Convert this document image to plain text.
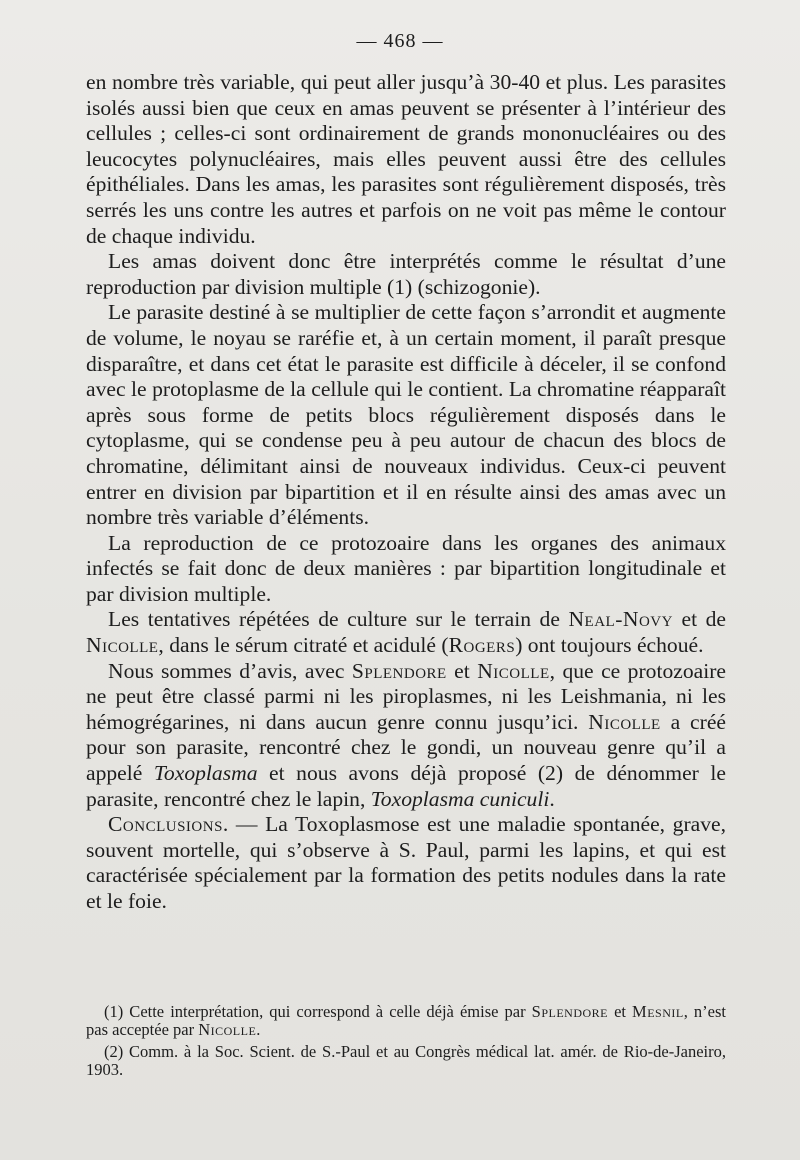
— 468 —

en nombre très variable, qui peut aller jusqu’à 30-40 et plus. Les parasites isolés aussi bien que ceux en amas peuvent se présenter à l’intérieur des cellules ; celles-ci sont ordinairement de grands mononucléaires ou des leucocytes polynucléaires, mais elles peuvent aussi être des cellules épithéliales. Dans les amas, les parasites sont régulièrement disposés, très serrés les uns contre les autres et parfois on ne voit pas même le contour de chaque individu.

Les amas doivent donc être interprétés comme le résultat d’une reproduction par division multiple (1) (schizogonie).

Le parasite destiné à se multiplier de cette façon s’arrondit et augmente de volume, le noyau se raréfie et, à un certain moment, il paraît presque disparaître, et dans cet état le parasite est difficile à déceler, il se confond avec le protoplasme de la cellule qui le contient. La chromatine réapparaît après sous forme de petits blocs régulièrement disposés dans le cytoplasme, qui se condense peu à peu autour de chacun des blocs de chromatine, délimitant ainsi de nouveaux individus. Ceux-ci peuvent entrer en division par bipartition et il en résulte ainsi des amas avec un nombre très variable d’éléments.

La reproduction de ce protozoaire dans les organes des animaux infectés se fait donc de deux manières : par bipartition longitudinale et par division multiple.

Les tentatives répétées de culture sur le terrain de Neal-Novy et de Nicolle, dans le sérum citraté et acidulé (Rogers) ont toujours échoué.

Nous sommes d’avis, avec Splendore et Nicolle, que ce protozoaire ne peut être classé parmi ni les piroplasmes, ni les Leishmania, ni les hémogrégarines, ni dans aucun genre connu jusqu’ici. Nicolle a créé pour son parasite, rencontré chez le gondi, un nouveau genre qu’il a appelé Toxoplasma et nous avons déjà proposé (2) de dénommer le parasite, rencontré chez le lapin, Toxoplasma cuniculi.

Conclusions. — La Toxoplasmose est une maladie spontanée, grave, souvent mortelle, qui s’observe à S. Paul, parmi les lapins, et qui est caractérisée spécialement par la formation des petits nodules dans la rate et le foie.

(1) Cette interprétation, qui correspond à celle déjà émise par Splendore et Mesnil, n’est pas acceptée par Nicolle.

(2) Comm. à la Soc. Scient. de S.-Paul et au Congrès médical lat. amér. de Rio-de-Janeiro, 1903.
